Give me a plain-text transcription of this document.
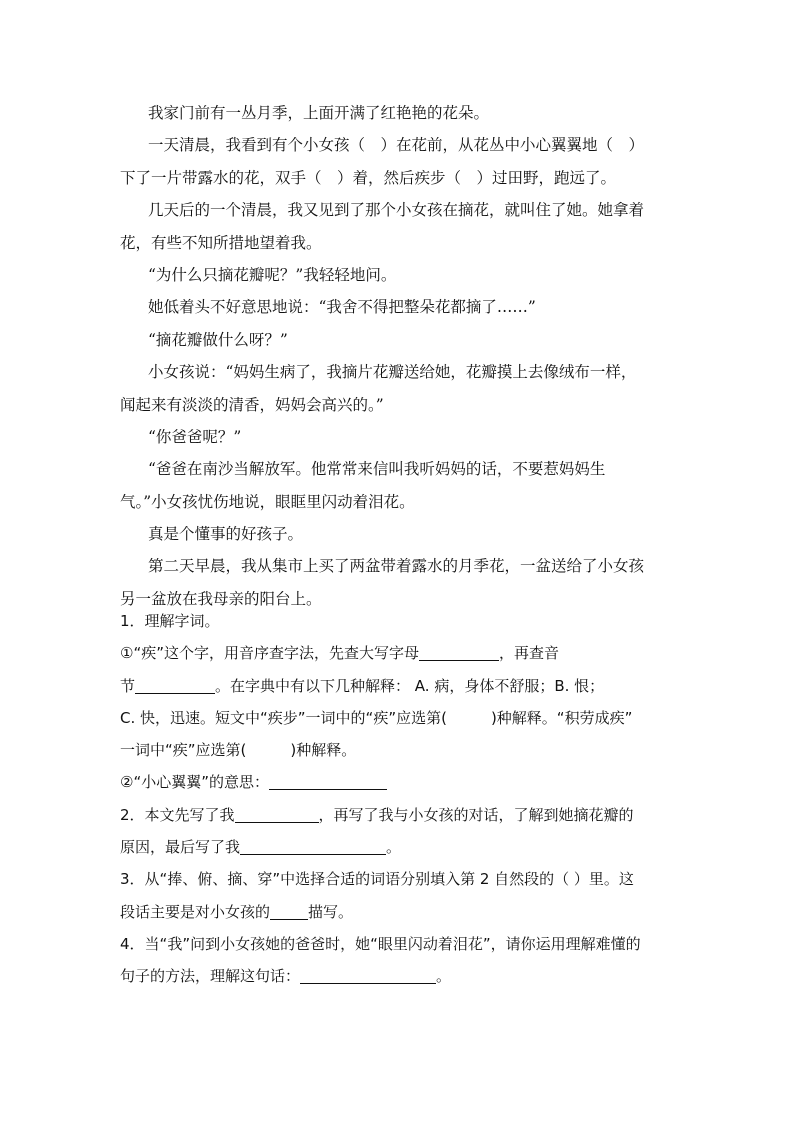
我家门前有一丛月季，上面开满了红艳艳的花朵。
一天清晨，我看到有个小女孩（　）在花前，从花丛中小心翼翼地（　）
下了一片带露水的花，双手（　）着，然后疾步（　）过田野，跑远了。
几天后的一个清晨，我又见到了那个小女孩在摘花，就叫住了她。她拿着
花，有些不知所措地望着我。
“为什么只摘花瓣呢？”我轻轻地问。
她低着头不好意思地说：“我舍不得把整朵花都摘了……”
“摘花瓣做什么呀？”
小女孩说：“妈妈生病了，我摘片花瓣送给她，花瓣摸上去像绒布一样，
闻起来有淡淡的清香，妈妈会高兴的。”
“你爸爸呢？”
“爸爸在南沙当解放军。他常常来信叫我听妈妈的话，不要惹妈妈生
气。”小女孩忧伤地说，眼眶里闪动着泪花。
真是个懂事的好孩子。
第二天早晨，我从集市上买了两盆带着露水的月季花，一盆送给了小女孩
另一盆放在我母亲的阳台上。
1．理解字词。
①“疾”这个字，用音序查字法，先查大写字母	，再查音
节	。在字典中有以下几种解释： A. 病，身体不舒服；B. 恨；
C. 快，迅速。短文中“疾步”一词中的“疾”应选第(	)种解释。“积劳成疾”
一词中“疾”应选第(	)种解释。
②“小心翼翼”的意思：
2．本文先写了我	，再写了我与小女孩的对话，了解到她摘花瓣的
原因，最后写了我	。
3．从“捧、俯、摘、穿”中选择合适的词语分别填入第 2 自然段的（ ）里。这
段话主要是对小女孩的	描写。
4．当“我”问到小女孩她的爸爸时，她“眼里闪动着泪花”，请你运用理解难懂的
句子的方法，理解这句话：	。
